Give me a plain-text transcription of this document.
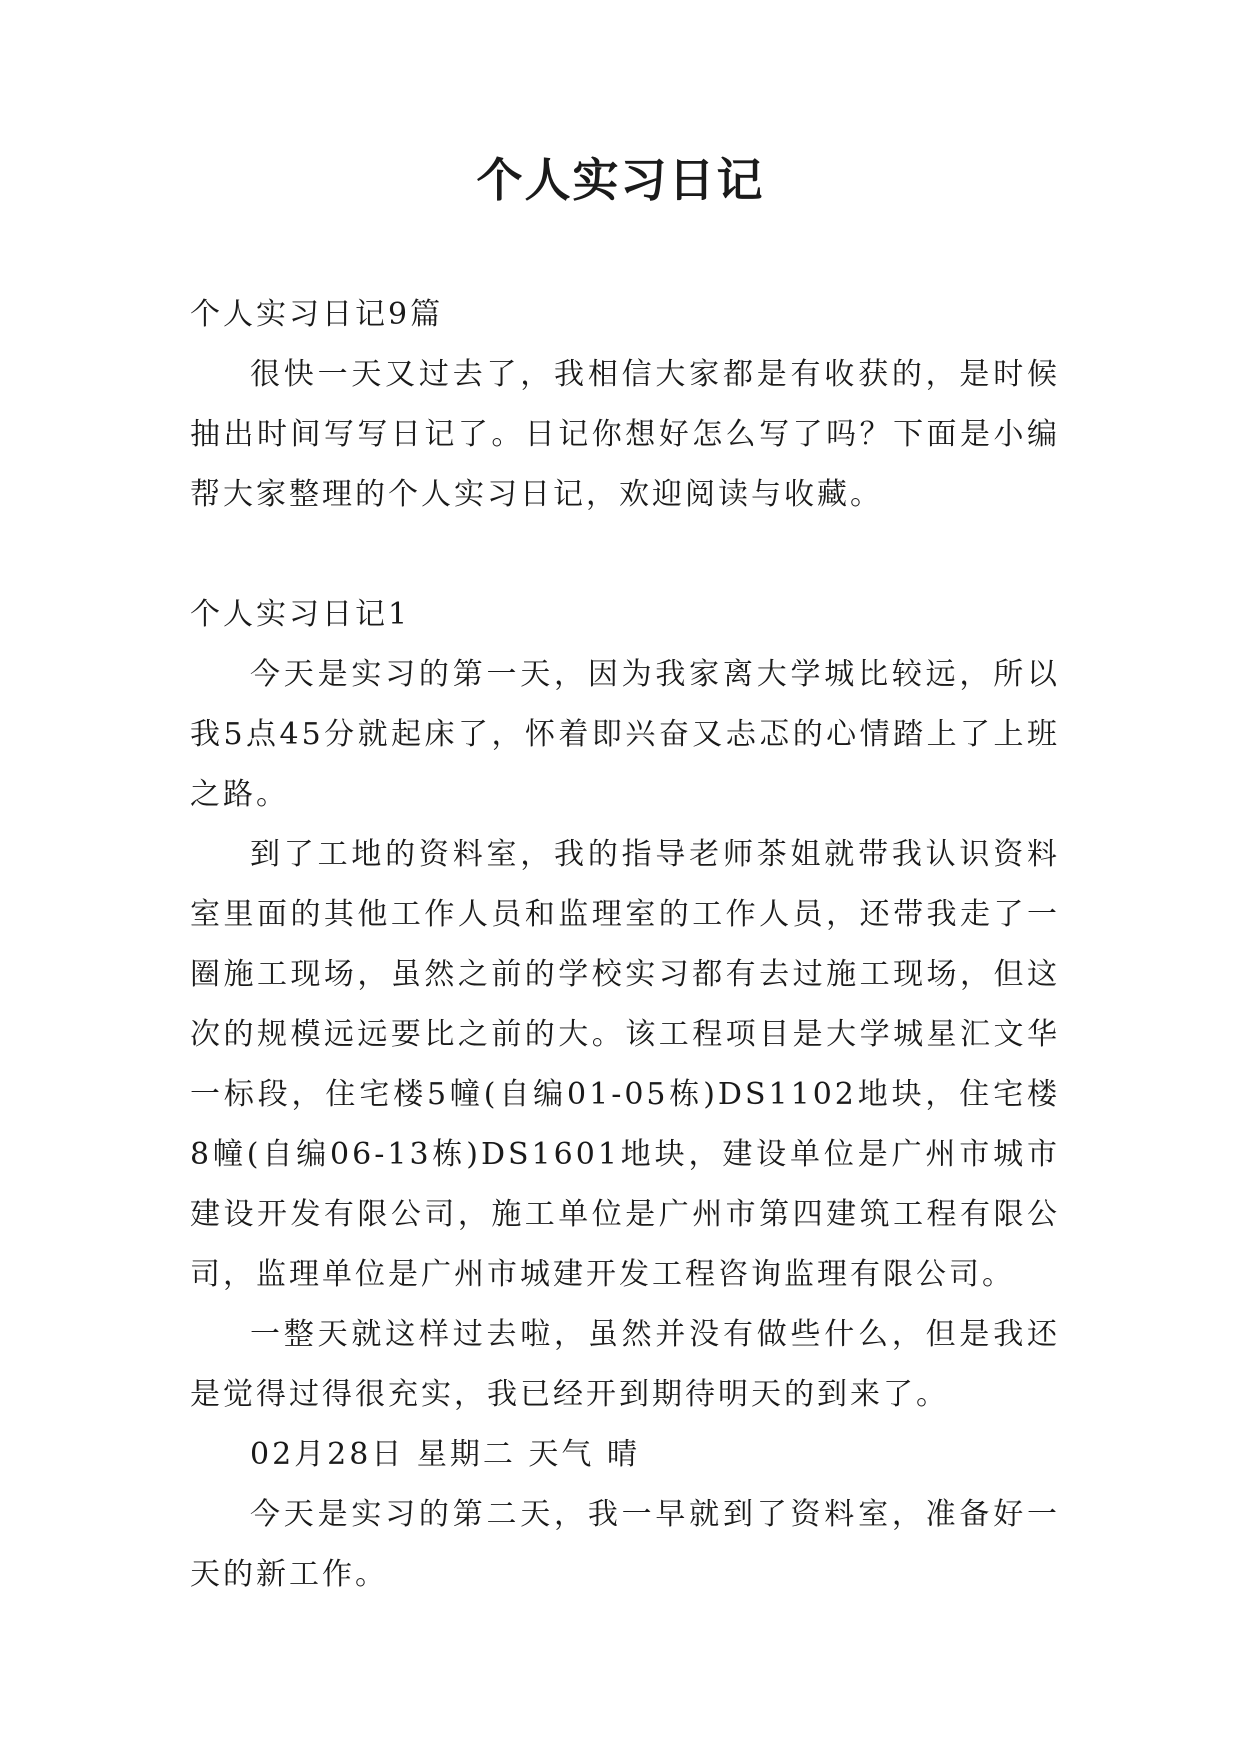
个人实习日记

个人实习日记9篇

很快一天又过去了，我相信大家都是有收获的，是时候抽出时间写写日记了。日记你想好怎么写了吗？下面是小编帮大家整理的个人实习日记，欢迎阅读与收藏。

个人实习日记1

今天是实习的第一天，因为我家离大学城比较远，所以我5点45分就起床了，怀着即兴奋又忐忑的心情踏上了上班之路。

到了工地的资料室，我的指导老师茶姐就带我认识资料室里面的其他工作人员和监理室的工作人员，还带我走了一圈施工现场，虽然之前的学校实习都有去过施工现场，但这次的规模远远要比之前的大。该工程项目是大学城星汇文华一标段，住宅楼5幢(自编01-05栋)DS1102地块，住宅楼8幢(自编06-13栋)DS1601地块，建设单位是广州市城市建设开发有限公司，施工单位是广州市第四建筑工程有限公司，监理单位是广州市城建开发工程咨询监理有限公司。

一整天就这样过去啦，虽然并没有做些什么，但是我还是觉得过得很充实，我已经开到期待明天的到来了。

02月28日 星期二 天气 晴

今天是实习的第二天，我一早就到了资料室，准备好一天的新工作。
